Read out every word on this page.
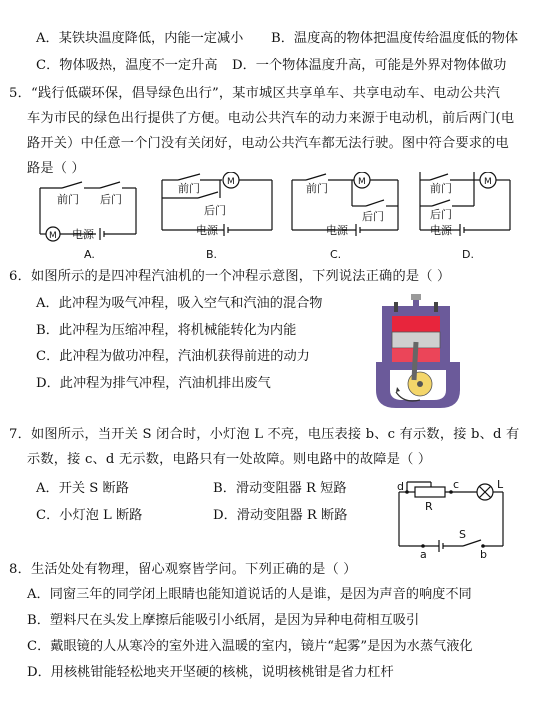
A．某铁块温度降低，内能一定减小 B．温度高的物体把温度传给温度低的物体
C．物体吸热，温度不一定升高 D．一个物体温度升高，可能是外界对物体做功
5．“践行低碳环保，倡导绿色出行”，某市城区共享单车、共享电动车、电动公共汽
车为市民的绿色出行提供了方便。电动公共汽车的动力来源于电动机，前后两门(电
路开关）中任意一个门没有关闭好，电动公共汽车都无法行驶。图中符合要求的电
路是（ ）
前门 后门
M 电源
A.
前门
后门
M
电源
B.
前门
后门
M
电源
C.
前门
后门
M
电源
D.
6．如图所示的是四冲程汽油机的一个冲程示意图，下列说法正确的是（ ）
A．此冲程为吸气冲程，吸入空气和汽油的混合物
B．此冲程为压缩冲程，将机械能转化为内能
C．此冲程为做功冲程，汽油机获得前进的动力
D．此冲程为排气冲程，汽油机排出废气
7．如图所示，当开关 S 闭合时，小灯泡 L 不亮，电压表接 b、c 有示数，接 b、d 有
示数，接 c、d 无示数，电路只有一处故障。则电路中的故障是（ ）
A．开关 S 断路	B．滑动变阻器 R 短路
C．小灯泡 L 断路	D．滑动变阻器 R 断路
d	c	L
R
S
a	b
8．生活处处有物理，留心观察皆学问。下列正确的是（ ）
A．同窗三年的同学闭上眼睛也能知道说话的人是谁，是因为声音的响度不同
B．塑料尺在头发上摩擦后能吸引小纸屑，是因为异种电荷相互吸引
C．戴眼镜的人从寒冷的室外进入温暖的室内，镜片“起雾”是因为水蒸气液化
D．用核桃钳能轻松地夹开坚硬的核桃，说明核桃钳是省力杠杆
